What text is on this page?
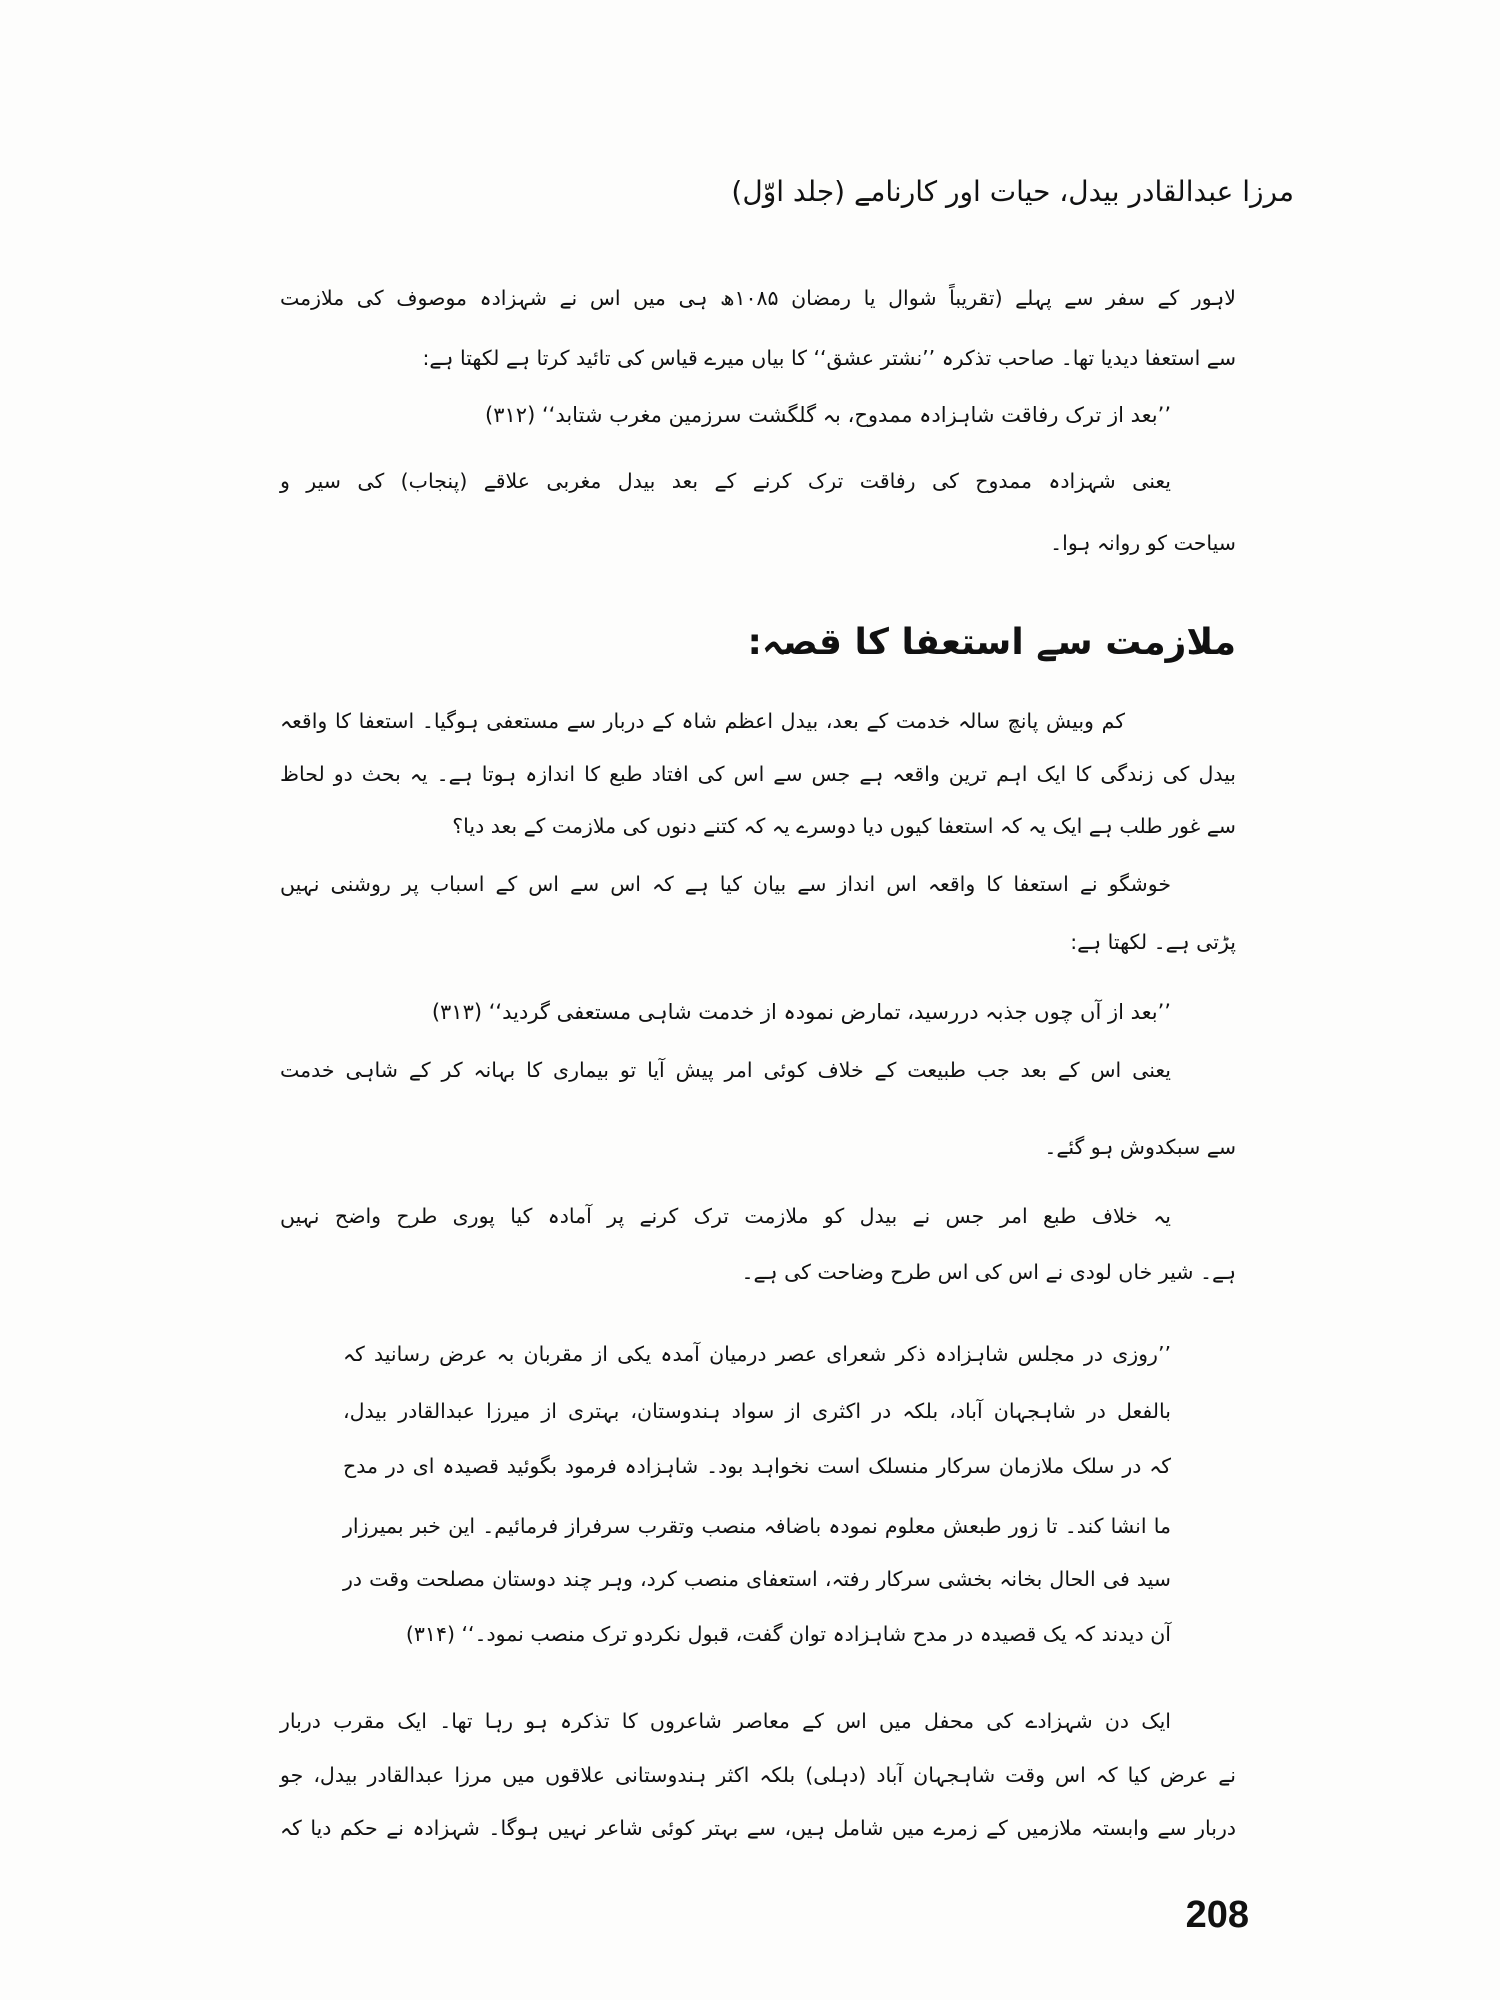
مرزا عبدالقادر بیدل، حیات اور کارنامے (جلد اوّل)
لاہور کے سفر سے پہلے (تقریباً شوال یا رمضان ۱۰۸۵ھ ہی میں اس نے شہزادہ موصوف کی ملازمت
سے استعفا دیدیا تھا۔ صاحب تذکرہ ’’نشتر عشق‘‘ کا بیاں میرے قیاس کی تائید کرتا ہے لکھتا ہے:
’’بعد از ترک رفاقت شاہزادہ ممدوح، بہ گلگشت سرزمین مغرب شتابد‘‘ (۳۱۲)
یعنی شہزادہ ممدوح کی رفاقت ترک کرنے کے بعد بیدل مغربی علاقے (پنجاب) کی سیر و
سیاحت کو روانہ ہوا۔
ملازمت سے استعفا کا قصہ:
کم وبیش پانچ سالہ خدمت کے بعد، بیدل اعظم شاہ کے دربار سے مستعفی ہوگیا۔ استعفا کا واقعہ
بیدل کی زندگی کا ایک اہم ترین واقعہ ہے جس سے اس کی افتاد طبع کا اندازہ ہوتا ہے۔ یہ بحث دو لحاظ
سے غور طلب ہے ایک یہ کہ استعفا کیوں دیا دوسرے یہ کہ کتنے دنوں کی ملازمت کے بعد دیا؟
خوشگو نے استعفا کا واقعہ اس انداز سے بیان کیا ہے کہ اس سے اس کے اسباب پر روشنی نہیں
پڑتی ہے۔ لکھتا ہے:
’’بعد از آں چوں جذبہ دررسید، تمارض نمودہ از خدمت شاہی مستعفی گردید‘‘ (۳۱۳)
یعنی اس کے بعد جب طبیعت کے خلاف کوئی امر پیش آیا تو بیماری کا بہانہ کر کے شاہی خدمت
سے سبکدوش ہو گئے۔
یہ خلاف طبع امر جس نے بیدل کو ملازمت ترک کرنے پر آمادہ کیا پوری طرح واضح نہیں
ہے۔ شیر خاں لودی نے اس کی اس طرح وضاحت کی ہے۔
’’روزی در مجلس شاہزادہ ذکر شعرای عصر درمیان آمدہ یکی از مقربان بہ عرض رسانید کہ
بالفعل در شاہجہان آباد، بلکہ در اکثری از سواد ہندوستان، بہتری از میرزا عبدالقادر بیدل،
کہ در سلک ملازمان سرکار منسلک است نخواہد بود۔ شاہزادہ فرمود بگوئید قصیدہ ای در مدح
ما انشا کند۔ تا زور طبعش معلوم نمودہ باضافہ منصب وتقرب سرفراز فرمائیم۔ این خبر بمیرزار
سید فی الحال بخانہ بخشی سرکار رفتہ، استعفای منصب کرد، وہر چند دوستان مصلحت وقت در
آن دیدند کہ یک قصیدہ در مدح شاہزادہ توان گفت، قبول نکردو ترک منصب نمود۔‘‘ (۳۱۴)
ایک دن شہزادے کی محفل میں اس کے معاصر شاعروں کا تذکرہ ہو رہا تھا۔ ایک مقرب دربار
نے عرض کیا کہ اس وقت شاہجہان آباد (دہلی) بلکہ اکثر ہندوستانی علاقوں میں مرزا عبدالقادر بیدل، جو
دربار سے وابستہ ملازمیں کے زمرے میں شامل ہیں، سے بہتر کوئی شاعر نہیں ہوگا۔ شہزادہ نے حکم دیا کہ
208
